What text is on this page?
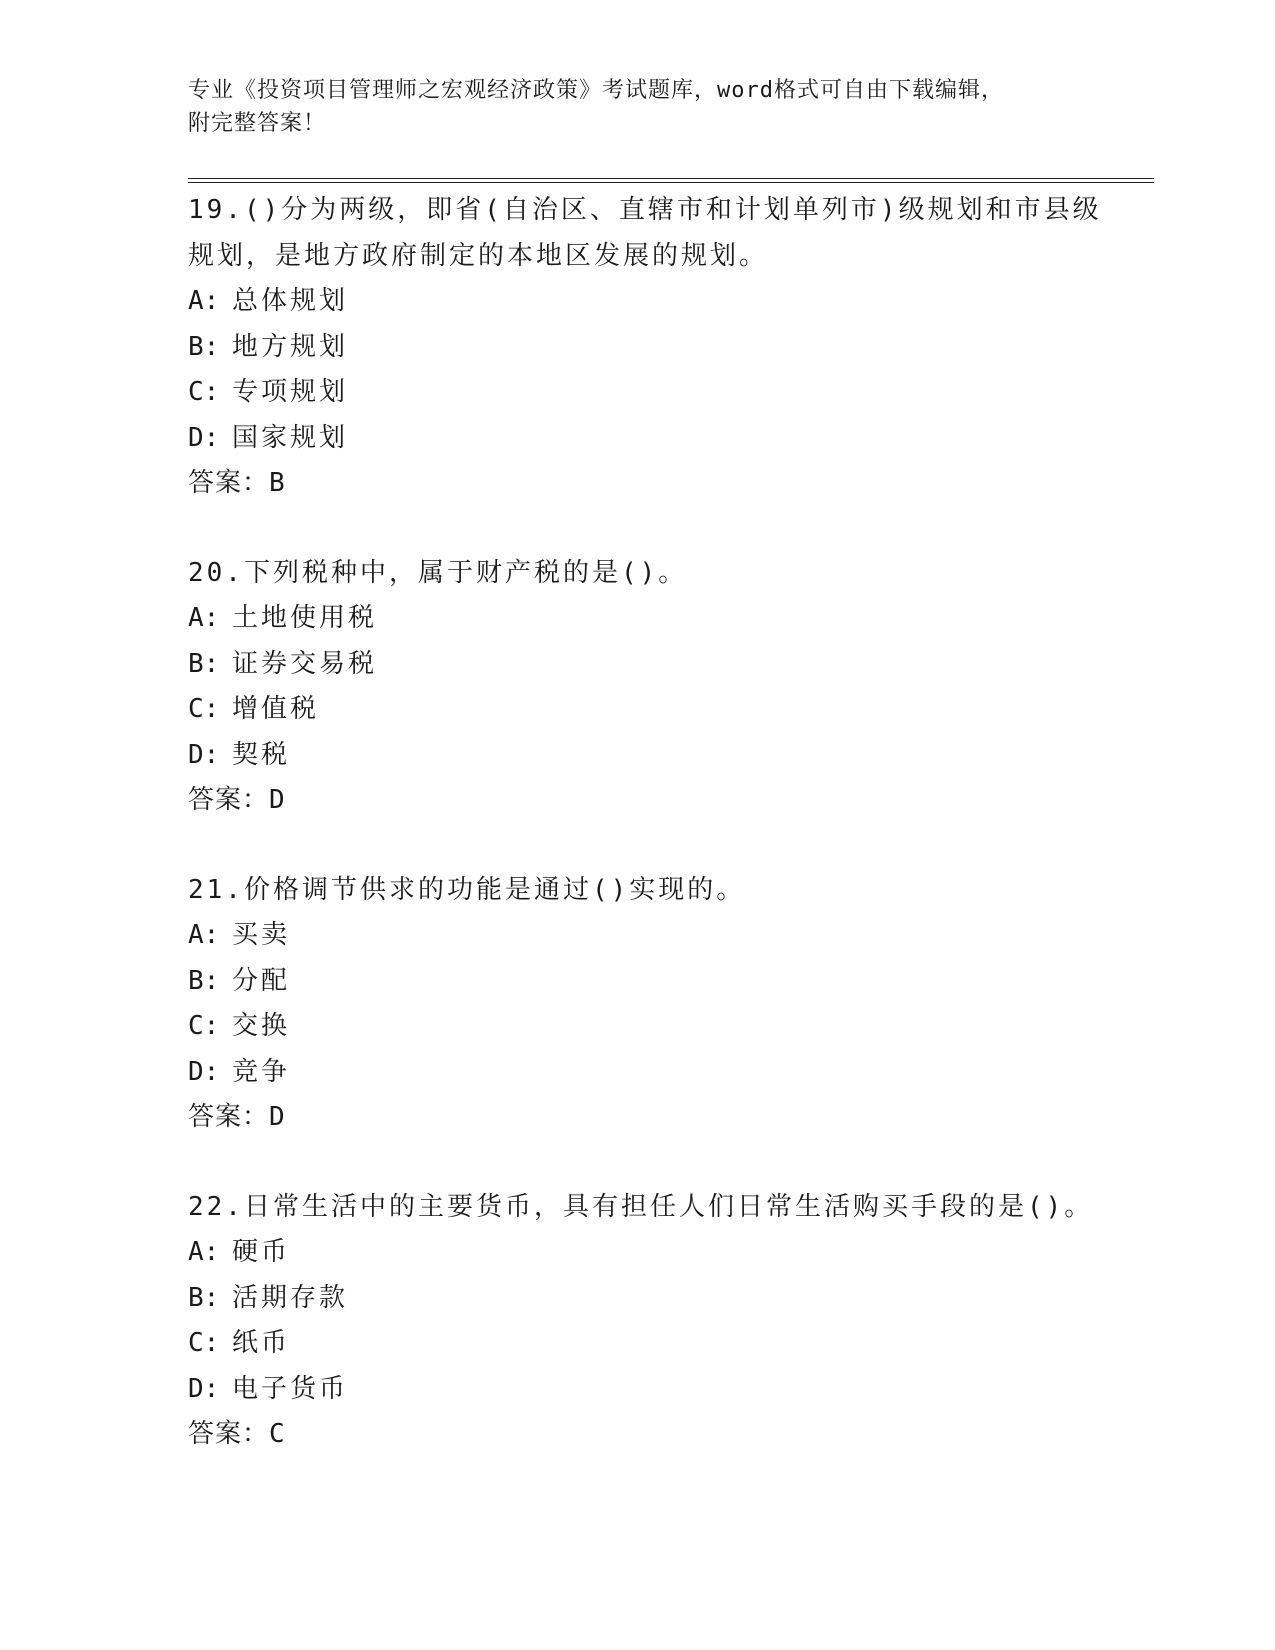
专业《投资项目管理师之宏观经济政策》考试题库，word格式可自由下载编辑，
附完整答案！
19.()分为两级，即省(自治区、直辖市和计划单列市)级规划和市县级
规划，是地方政府制定的本地区发展的规划。
A: 总体规划
B: 地方规划
C: 专项规划
D: 国家规划
答案：B
20.下列税种中，属于财产税的是()。
A: 土地使用税
B: 证券交易税
C: 增值税
D: 契税
答案：D
21.价格调节供求的功能是通过()实现的。
A: 买卖
B: 分配
C: 交换
D: 竞争
答案：D
22.日常生活中的主要货币，具有担任人们日常生活购买手段的是()。
A: 硬币
B: 活期存款
C: 纸币
D: 电子货币
答案：C
